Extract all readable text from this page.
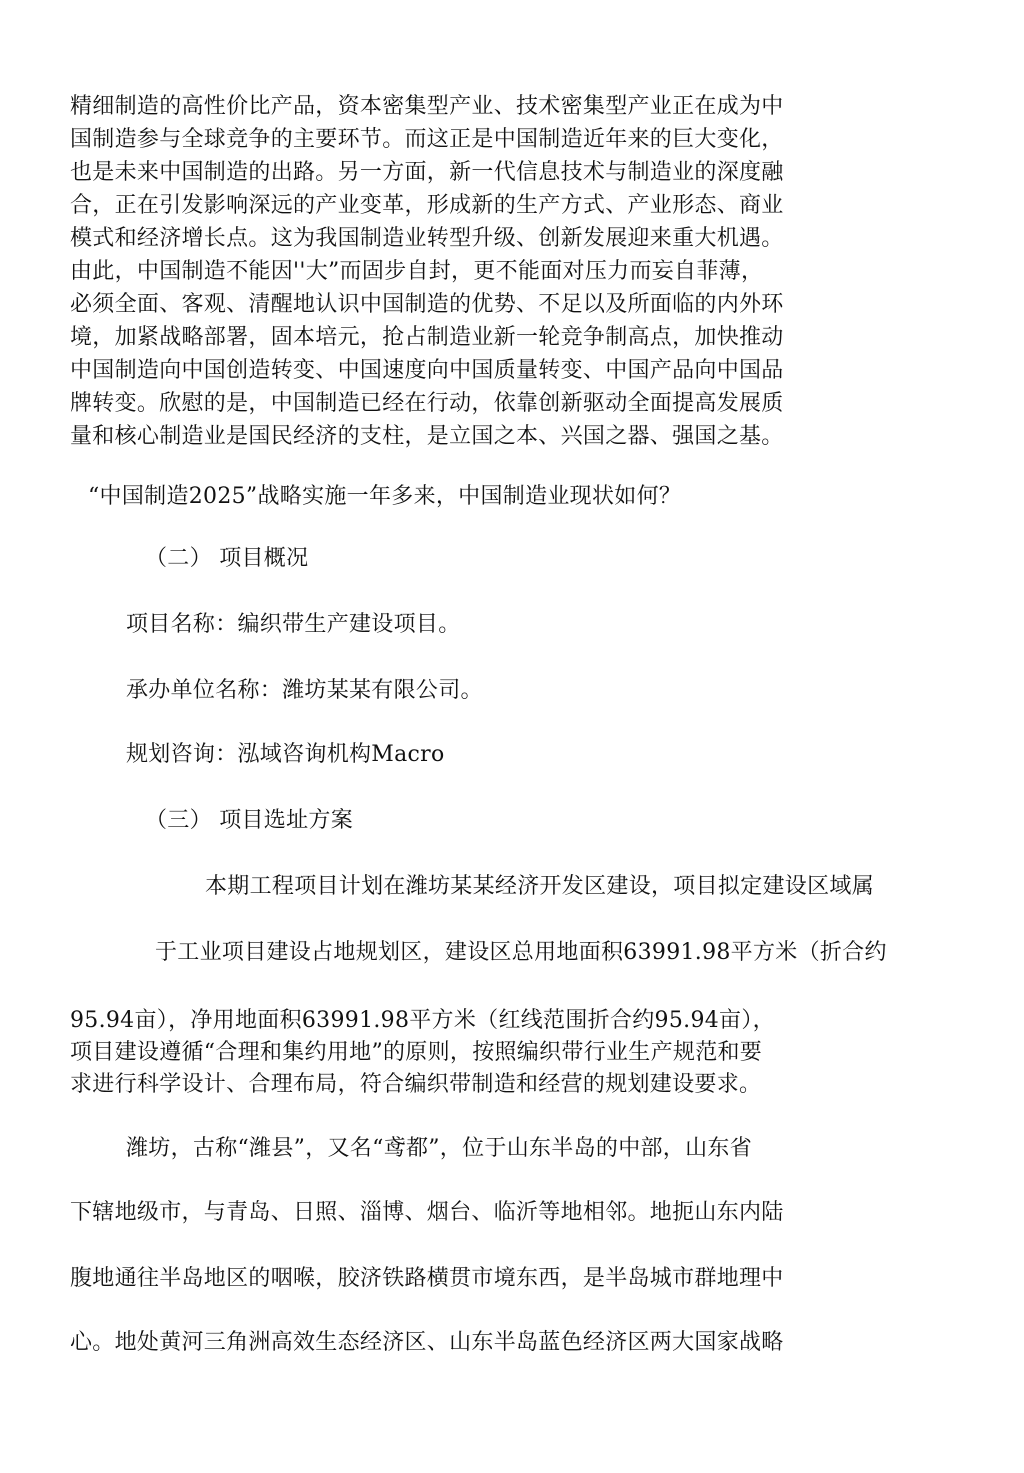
精细制造的高性价比产品，资本密集型产业、技术密集型产业正在成为中
国制造参与全球竞争的主要环节。而这正是中国制造近年来的巨大变化，
也是未来中国制造的出路。另一方面，新一代信息技术与制造业的深度融
合，正在引发影响深远的产业变革，形成新的生产方式、产业形态、商业
模式和经济增长点。这为我国制造业转型升级、创新发展迎来重大机遇。
由此，中国制造不能因''大”而固步自封，更不能面对压力而妄自菲薄，
必须全面、客观、清醒地认识中国制造的优势、不足以及所面临的内外环
境，加紧战略部署，固本培元，抢占制造业新一轮竞争制高点，加快推动
中国制造向中国创造转变、中国速度向中国质量转变、中国产品向中国品
牌转变。欣慰的是，中国制造已经在行动，依靠创新驱动全面提高发展质
量和核心制造业是国民经济的支柱，是立国之本、兴国之器、强国之基。
“中国制造2025”战略实施一年多来，中国制造业现状如何？
（二） 项目概况
项目名称：编织带生产建设项目。
承办单位名称：潍坊某某有限公司。
规划咨询：泓域咨询机构Macro
（三） 项目选址方案
本期工程项目计划在潍坊某某经济开发区建设，项目拟定建设区域属
于工业项目建设占地规划区，建设区总用地面积63991.98平方米（折合约
95.94亩），净用地面积63991.98平方米（红线范围折合约95.94亩），
项目建设遵循“合理和集约用地”的原则，按照编织带行业生产规范和要
求进行科学设计、合理布局，符合编织带制造和经营的规划建设要求。
潍坊，古称“潍县”，又名“鸢都”，位于山东半岛的中部，山东省
下辖地级市，与青岛、日照、淄博、烟台、临沂等地相邻。地扼山东内陆
腹地通往半岛地区的咽喉，胶济铁路横贯市境东西，是半岛城市群地理中
心。地处黄河三角洲高效生态经济区、山东半岛蓝色经济区两大国家战略
